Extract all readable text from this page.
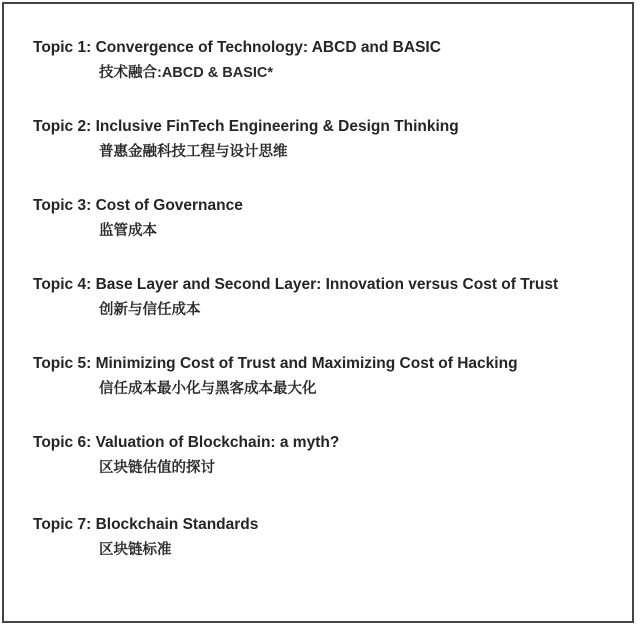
Topic 1: Convergence of Technology: ABCD and BASIC
技术融合:ABCD & BASIC*
Topic 2: Inclusive FinTech Engineering & Design Thinking
普惠金融科技工程与设计思维
Topic 3: Cost of Governance
监管成本
Topic 4: Base Layer and Second Layer: Innovation versus Cost of Trust
创新与信任成本
Topic 5: Minimizing Cost of Trust and Maximizing Cost of Hacking
信任成本最小化与黑客成本最大化
Topic 6: Valuation of Blockchain: a myth?
区块链估值的探讨
Topic 7: Blockchain Standards
区块链标准
